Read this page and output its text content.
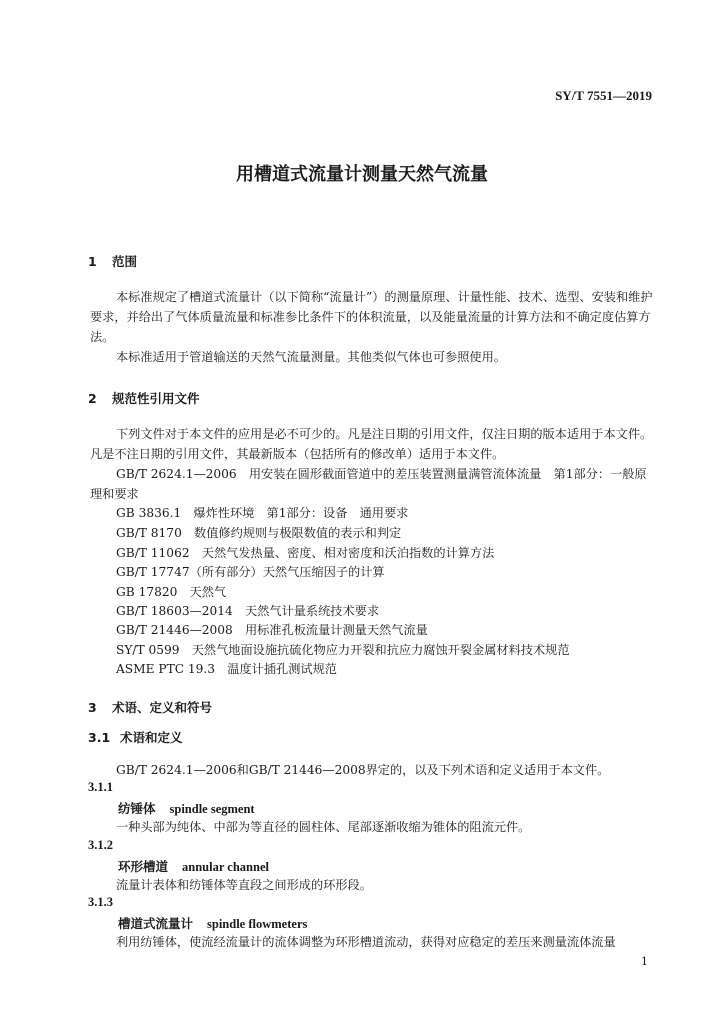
SY/T 7551—2019
用槽道式流量计测量天然气流量
1 范围
本标准规定了槽道式流量计（以下简称“流量计”）的测量原理、计量性能、技术、选型、安装和维护要求，并给出了气体质量流量和标准参比条件下的体积流量，以及能量流量的计算方法和不确定度估算方法。
本标准适用于管道输送的天然气流量测量。其他类似气体也可参照使用。
2 规范性引用文件
下列文件对于本文件的应用是必不可少的。凡是注日期的引用文件，仅注日期的版本适用于本文件。凡是不注日期的引用文件，其最新版本（包括所有的修改单）适用于本文件。
GB/T 2624.1—2006　用安装在圆形截面管道中的差压装置测量满管流体流量　第1部分：一般原理和要求
GB 3836.1　爆炸性环境　第1部分：设备　通用要求
GB/T 8170　数值修约规则与极限数值的表示和判定
GB/T 11062　天然气发热量、密度、相对密度和沃泊指数的计算方法
GB/T 17747（所有部分）天然气压缩因子的计算
GB 17820　天然气
GB/T 18603—2014　天然气计量系统技术要求
GB/T 21446—2008　用标准孔板流量计测量天然气流量
SY/T 0599　天然气地面设施抗硫化物应力开裂和抗应力腐蚀开裂金属材料技术规范
ASME PTC 19.3　温度计插孔测试规范
3 术语、定义和符号
3.1 术语和定义
GB/T 2624.1—2006和GB/T 21446—2008界定的，以及下列术语和定义适用于本文件。
3.1.1
纺锤体 spindle segment
一种头部为纯体、中部为等直径的圆柱体、尾部逐渐收缩为锥体的阻流元件。
3.1.2
环形槽道 annular channel
流量计表体和纺锤体等直段之间形成的环形段。
3.1.3
槽道式流量计 spindle flowmeters
利用纺锤体，使流经流量计的流体调整为环形槽道流动，获得对应稳定的差压来测量流体流量
1
